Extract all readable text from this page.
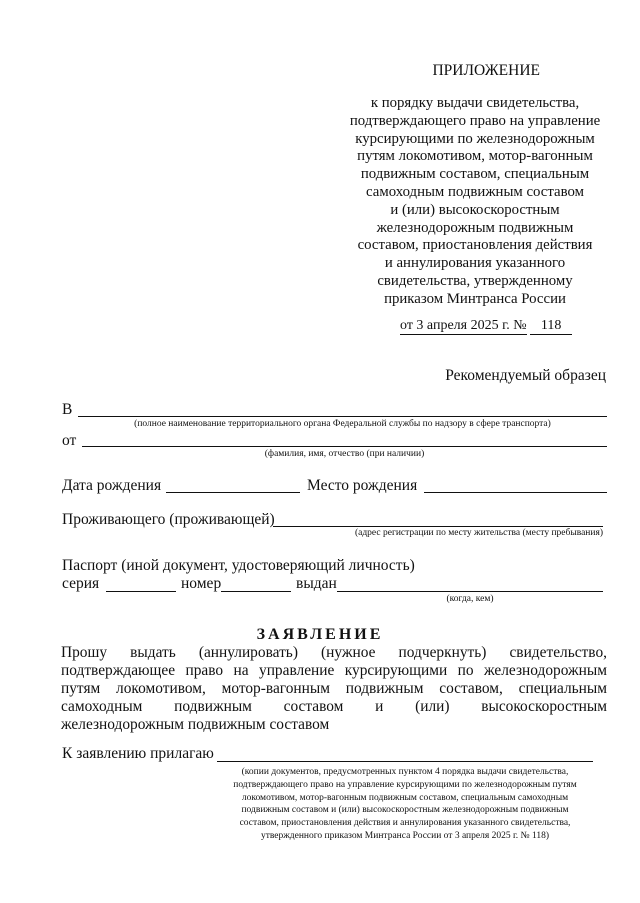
ПРИЛОЖЕНИЕ
к порядку выдачи свидетельства,
подтверждающего право на управление
курсирующими по железнодорожным
путям локомотивом, мотор-вагонным
подвижным составом, специальным
самоходным подвижным составом
и (или) высокоскоростным
железнодорожным подвижным
составом, приостановления действия
и аннулирования указанного
свидетельства, утвержденному
приказом Минтранса России
от 3 апреля 2025 г. № 118
Рекомендуемый образец
В
(полное наименование территориального органа Федеральной службы по надзору в сфере транспорта)
от
(фамилия, имя, отчество (при наличии)
Дата рождения	Место рождения
Проживающего (проживающей)
(адрес регистрации по месту жительства (месту пребывания)
Паспорт (иной документ, удостоверяющий личность)
серия	номер	выдан
(когда, кем)
ЗАЯВЛЕНИЕ
Прошу выдать (аннулировать) (нужное подчеркнуть) свидетельство,
подтверждающее право на управление курсирующими по железнодорожным
путям локомотивом, мотор-вагонным подвижным составом, специальным
самоходным подвижным составом и (или) высокоскоростным
железнодорожным подвижным составом
К заявлению прилагаю
(копии документов, предусмотренных пунктом 4 порядка выдачи свидетельства,
подтверждающего право на управление курсирующими по железнодорожным путям
локомотивом, мотор-вагонным подвижным составом, специальным самоходным
подвижным составом и (или) высокоскоростным железнодорожным подвижным
составом, приостановления действия и аннулирования указанного свидетельства,
утвержденного приказом Минтранса России от 3 апреля 2025 г. № 118)
